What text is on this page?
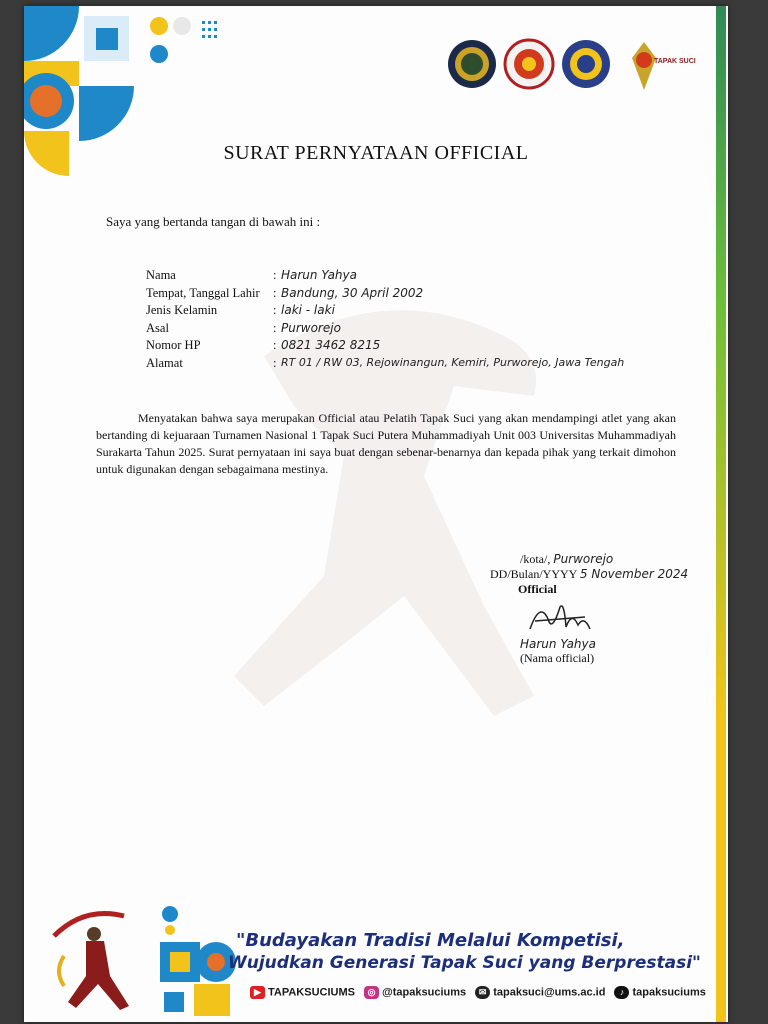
TAPAK SUCI
SURAT PERNYATAAN OFFICIAL
Saya yang bertanda tangan di bawah ini :
Nama	: Harun Yahya
Tempat, Tanggal Lahir	: Bandung, 30 April 2002
Jenis Kelamin	: laki - laki
Asal	: Purworejo
Nomor HP	: 0821 3462 8215
Alamat	: RT 01 / RW 03, Rejowinangun, Kemiri, Purworejo, Jawa Tengah
Menyatakan bahwa saya merupakan Official atau Pelatih Tapak Suci yang akan mendampingi atlet yang akan bertanding di kejuaraan Turnamen Nasional 1 Tapak Suci Putera Muhammadiyah Unit 003 Universitas Muhammadiyah Surakarta Tahun 2025. Surat pernyataan ini saya buat dengan sebenar-benarnya dan kepada pihak yang terkait dimohon untuk digunakan dengan sebagaimana mestinya.
/kota/, Purworejo
DD/Bulan/YYYY 5 November 2024
Official
Harun Yahya
(Nama official)
"Budayakan Tradisi Melalui Kompetisi,
Wujudkan Generasi Tapak Suci yang Berprestasi"
▶ TAPAKSUCIUMS ◎ @tapaksuciums ✉ tapaksuci@ums.ac.id ♪ tapaksuciums
